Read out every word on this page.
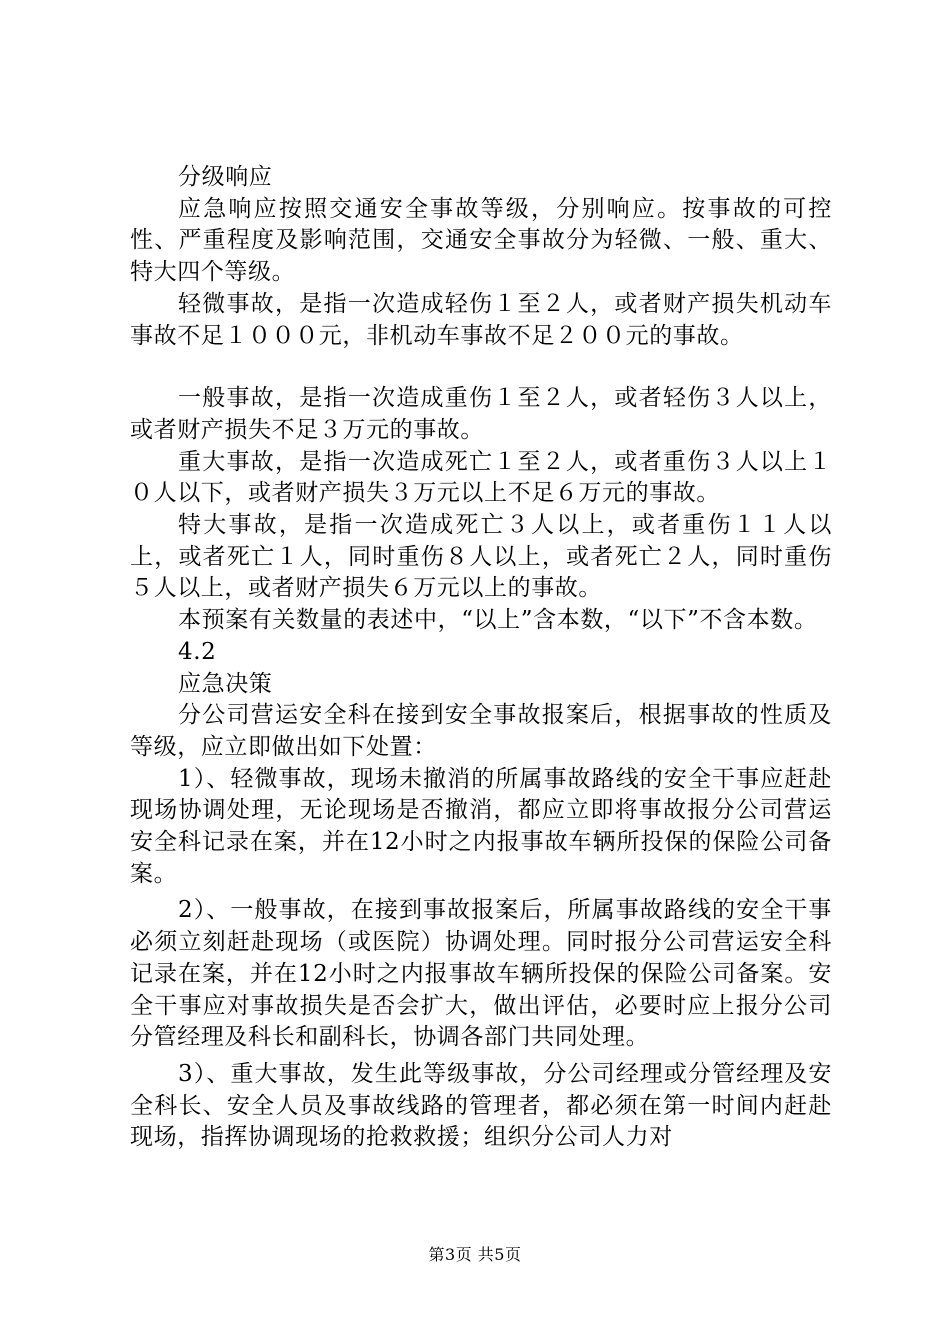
分级响应

应急响应按照交通安全事故等级，分别响应。按事故的可控性、严重程度及影响范围，交通安全事故分为轻微、一般、重大、特大四个等级。

轻微事故，是指一次造成轻伤１至２人，或者财产损失机动车事故不足１０００元，非机动车事故不足２００元的事故。

一般事故，是指一次造成重伤１至２人，或者轻伤３人以上，或者财产损失不足３万元的事故。

重大事故，是指一次造成死亡１至２人，或者重伤３人以上１０人以下，或者财产损失３万元以上不足６万元的事故。

特大事故，是指一次造成死亡３人以上，或者重伤１１人以上，或者死亡１人，同时重伤８人以上，或者死亡２人，同时重伤５人以上，或者财产损失６万元以上的事故。

本预案有关数量的表述中，“以上”含本数，“以下”不含本数。

4.2

应急决策

分公司营运安全科在接到安全事故报案后，根据事故的性质及等级，应立即做出如下处置：

1）、轻微事故，现场未撤消的所属事故路线的安全干事应赶赴现场协调处理，无论现场是否撤消，都应立即将事故报分公司营运安全科记录在案，并在12小时之内报事故车辆所投保的保险公司备案。

2）、一般事故，在接到事故报案后，所属事故路线的安全干事必须立刻赶赴现场（或医院）协调处理。同时报分公司营运安全科记录在案，并在12小时之内报事故车辆所投保的保险公司备案。安全干事应对事故损失是否会扩大，做出评估，必要时应上报分公司分管经理及科长和副科长，协调各部门共同处理。

3）、重大事故，发生此等级事故，分公司经理或分管经理及安全科长、安全人员及事故线路的管理者，都必须在第一时间内赶赴现场，指挥协调现场的抢救救援；组织分公司人力对

第3页 共5页
